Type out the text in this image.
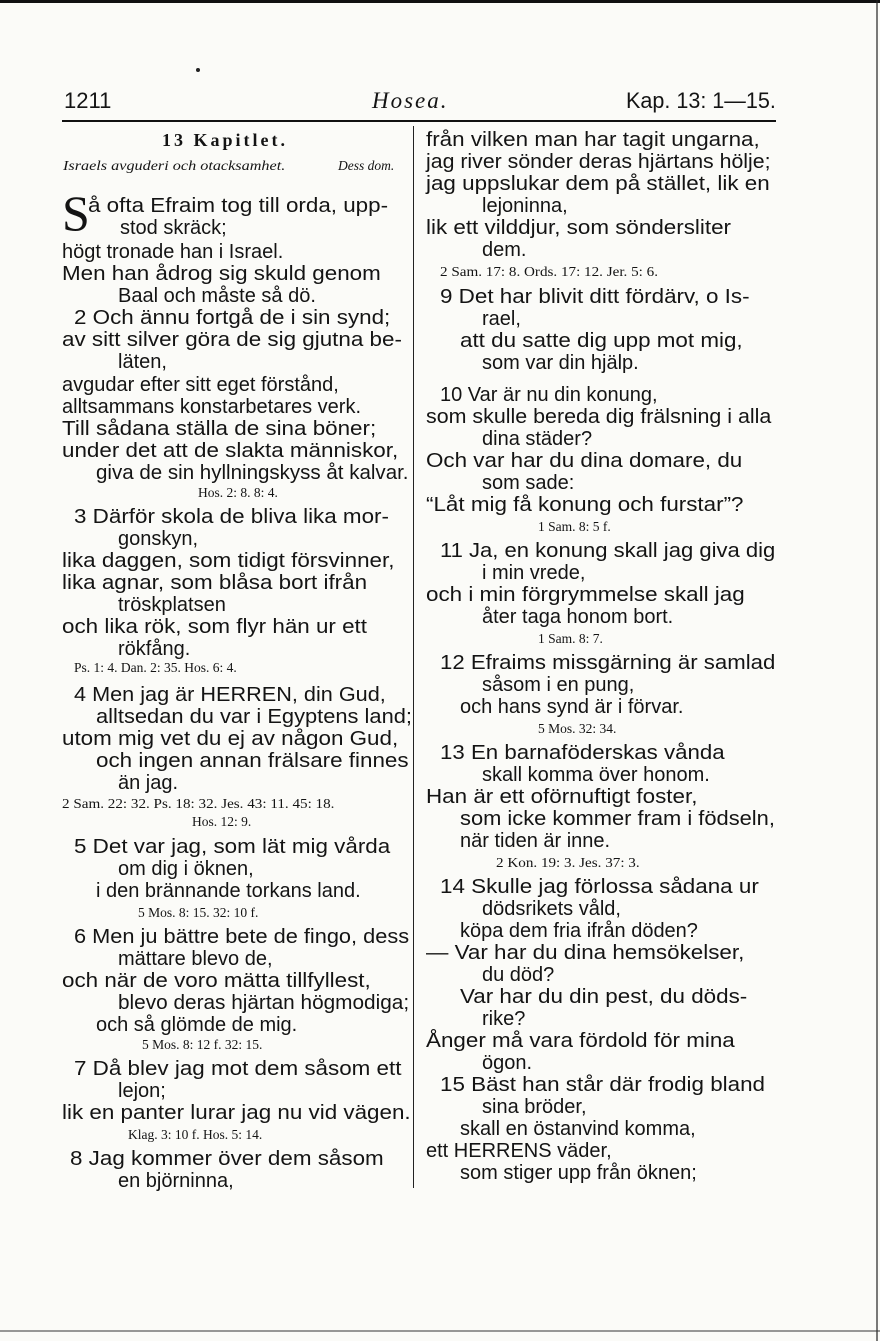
1211	Hosea.	Kap. 13: 1—15.
13 Kapitlet.
Israels avguderi och otacksamhet.	Dess dom.
S
å ofta Efraim tog till orda, upp-
stod skräck;
högt tronade han i Israel.
Men han ådrog sig skuld genom
Baal och måste så dö.
2 Och ännu fortgå de i sin synd;
av sitt silver göra de sig gjutna be-
läten,
avgudar efter sitt eget förstånd,
alltsammans konstarbetares verk.
Till sådana ställa de sina böner;
under det att de slakta människor,
giva de sin hyllningskyss åt kalvar.
Hos. 2: 8. 8: 4.
3 Därför skola de bliva lika mor-
gonskyn,
lika daggen, som tidigt försvinner,
lika agnar, som blåsa bort ifrån
tröskplatsen
och lika rök, som flyr hän ur ett
rökfång.
Ps. 1: 4. Dan. 2: 35. Hos. 6: 4.
4 Men jag är HERREN, din Gud,
alltsedan du var i Egyptens land;
utom mig vet du ej av någon Gud,
och ingen annan frälsare finnes
än jag.
2 Sam. 22: 32. Ps. 18: 32. Jes. 43: 11. 45: 18.
Hos. 12: 9.
5 Det var jag, som lät mig vårda
om dig i öknen,
i den brännande torkans land.
5 Mos. 8: 15. 32: 10 f.
6 Men ju bättre bete de fingo, dess
mättare blevo de,
och när de voro mätta tillfyllest,
blevo deras hjärtan högmodiga;
och så glömde de mig.
5 Mos. 8: 12 f. 32: 15.
7 Då blev jag mot dem såsom ett
lejon;
lik en panter lurar jag nu vid vägen.
Klag. 3: 10 f. Hos. 5: 14.
8 Jag kommer över dem såsom
en björninna,
från vilken man har tagit ungarna,
jag river sönder deras hjärtans hölje;
jag uppslukar dem på stället, lik en
lejoninna,
lik ett vilddjur, som söndersliter
dem.
2 Sam. 17: 8. Ords. 17: 12. Jer. 5: 6.
9 Det har blivit ditt fördärv, o Is-
rael,
att du satte dig upp mot mig,
som var din hjälp.
10 Var är nu din konung,
som skulle bereda dig frälsning i alla
dina städer?
Och var har du dina domare, du
som sade:
“Låt mig få konung och furstar”?
1 Sam. 8: 5 f.
11 Ja, en konung skall jag giva dig
i min vrede,
och i min förgrymmelse skall jag
åter taga honom bort.
1 Sam. 8: 7.
12 Efraims missgärning är samlad
såsom i en pung,
och hans synd är i förvar.
5 Mos. 32: 34.
13 En barnaföderskas vånda
skall komma över honom.
Han är ett oförnuftigt foster,
som icke kommer fram i födseln,
när tiden är inne.
2 Kon. 19: 3. Jes. 37: 3.
14 Skulle jag förlossa sådana ur
dödsrikets våld,
köpa dem fria ifrån döden?
— Var har du dina hemsökelser,
du död?
Var har du din pest, du döds-
rike?
Ånger må vara fördold för mina
ögon.
15 Bäst han står där frodig bland
sina bröder,
skall en östanvind komma,
ett HERRENS väder,
som stiger upp från öknen;
